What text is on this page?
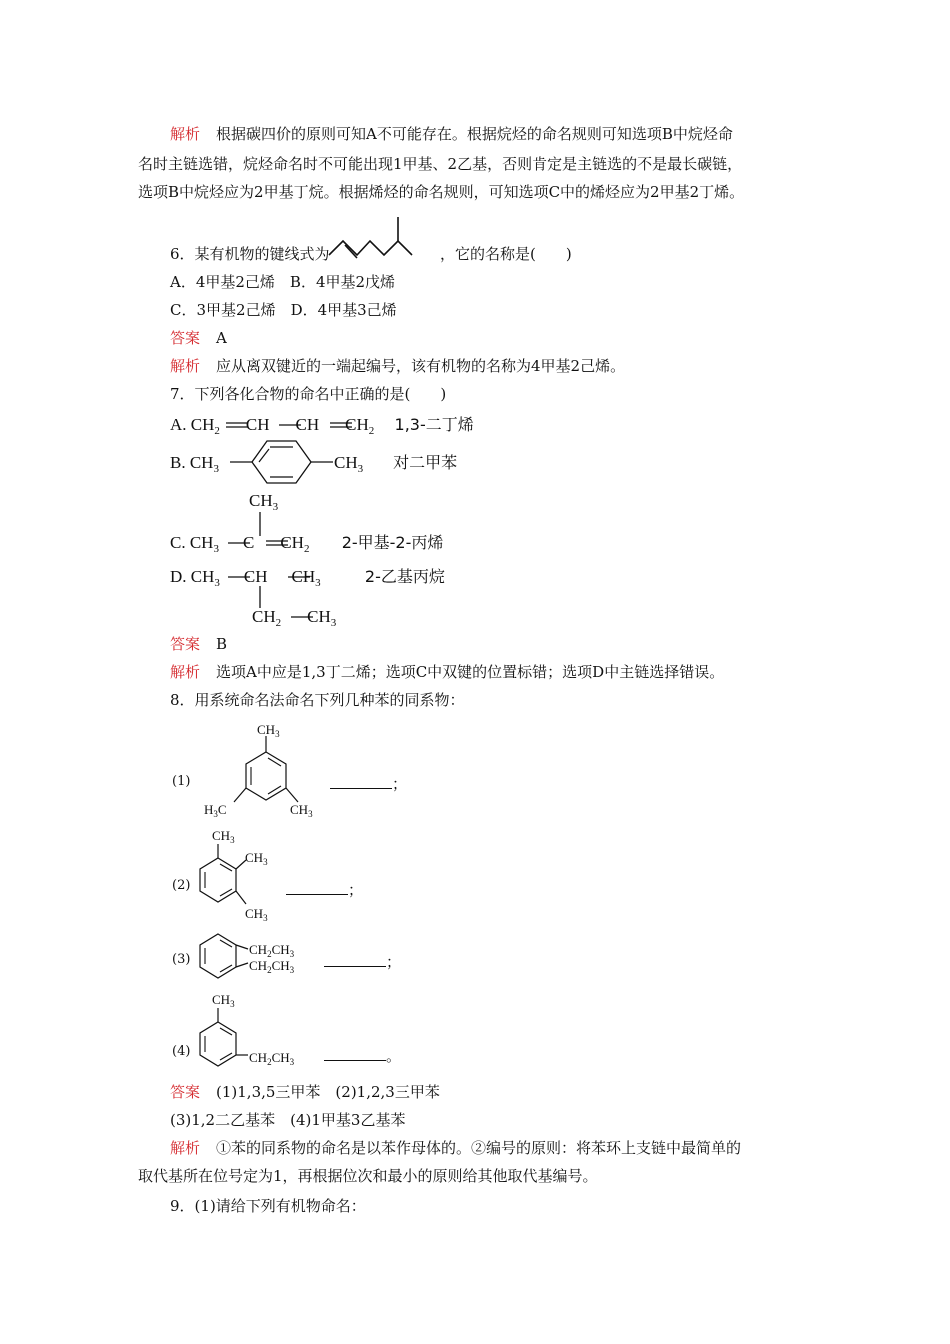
解析 根据碳四价的原则可知A不可能存在。根据烷烃的命名规则可知选项B中烷烃命
名时主链选错，烷烃命名时不可能出现1甲基、2乙基，否则肯定是主链选的不是最长碳链，
选项B中烷烃应为2甲基丁烷。根据烯烃的命名规则，可知选项C中的烯烃应为2甲基2丁烯。
6．某有机物的键线式为	，它的名称是(　　)
A．4甲基2己烯　B．4甲基2戊烯
C．3甲基2己烯　D．4甲基3己烯
答案 A
解析 应从离双键近的一端起编号，该有机物的名称为4甲基2己烯。
7．下列各化合物的命名中正确的是(　　)
A. $CH_2$ CH CH $CH_2$ 1,3-二丁烯
B. $CH_3$	$CH_3$ 对二甲苯
$CH_3$
C. $CH_3$ C $CH_2$ 2-甲基-2-丙烯
D. $CH_3$ CH $CH_3$	2-乙基丙烷
$CH_2$ $CH_3$
答案 B
解析 选项A中应是1,3丁二烯；选项C中双键的位置标错；选项D中主链选择错误。
8．用系统命名法命名下列几种苯的同系物：
$CH_3$
$H_3C$	$CH_3$
(1)	；
$CH_3$
$CH_3$
$CH_3$
(2)	；
$CH_2CH_3$
$CH_2CH_3$
(3)	；
$CH_3$
$CH_2CH_3$
(4)	。
答案 (1)1,3,5三甲苯　(2)1,2,3三甲苯
(3)1,2二乙基苯　(4)1甲基3乙基苯
解析 ①苯的同系物的命名是以苯作母体的。②编号的原则：将苯环上支链中最简单的
取代基所在位号定为1，再根据位次和最小的原则给其他取代基编号。
9．(1)请给下列有机物命名：
